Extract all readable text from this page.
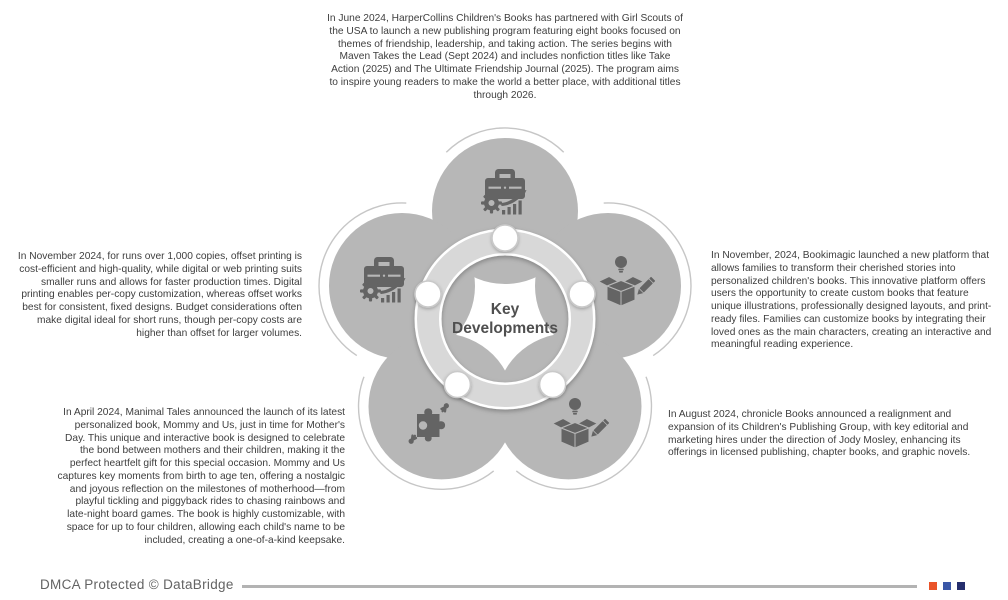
In June 2024, HarperCollins Children's Books has partnered with Girl Scouts of the USA to launch a new publishing program featuring eight books focused on themes of friendship, leadership, and taking action. The series begins with Maven Takes the Lead (Sept 2024) and includes nonfiction titles like Take Action (2025) and The Ultimate Friendship Journal (2025). The program aims to inspire young readers to make the world a better place, with additional titles through 2026.
In November 2024, for runs over 1,000 copies, offset printing is cost-efficient and high-quality, while digital or web printing suits smaller runs and allows for faster production times. Digital printing enables per-copy customization, whereas offset works best for consistent, fixed designs. Budget considerations often make digital ideal for short runs, though per-copy costs are higher than offset for larger volumes.
In November, 2024, Bookimagic launched a new platform that allows families to transform their cherished stories into personalized children's books. This innovative platform offers users the opportunity to create custom books that feature unique illustrations, professionally designed layouts, and print-ready files. Families can customize books by integrating their loved ones as the main characters, creating an interactive and meaningful reading experience.
In April 2024, Manimal Tales announced the launch of its latest personalized book, Mommy and Us, just in time for Mother's Day. This unique and interactive book is designed to celebrate the bond between mothers and their children, making it the perfect heartfelt gift for this special occasion. Mommy and Us captures key moments from birth to age ten, offering a nostalgic and joyous reflection on the milestones of motherhood—from playful tickling and piggyback rides to chasing rainbows and late-night board games. The book is highly customizable, with space for up to four children, allowing each child's name to be included, creating a one-of-a-kind keepsake.
In August 2024, chronicle Books announced a realignment and expansion of its Children's Publishing Group, with key editorial and marketing hires under the direction of Jody Mosley, enhancing its offerings in licensed publishing, chapter books, and graphic novels.
Key
Developments
DMCA Protected © DataBridge
